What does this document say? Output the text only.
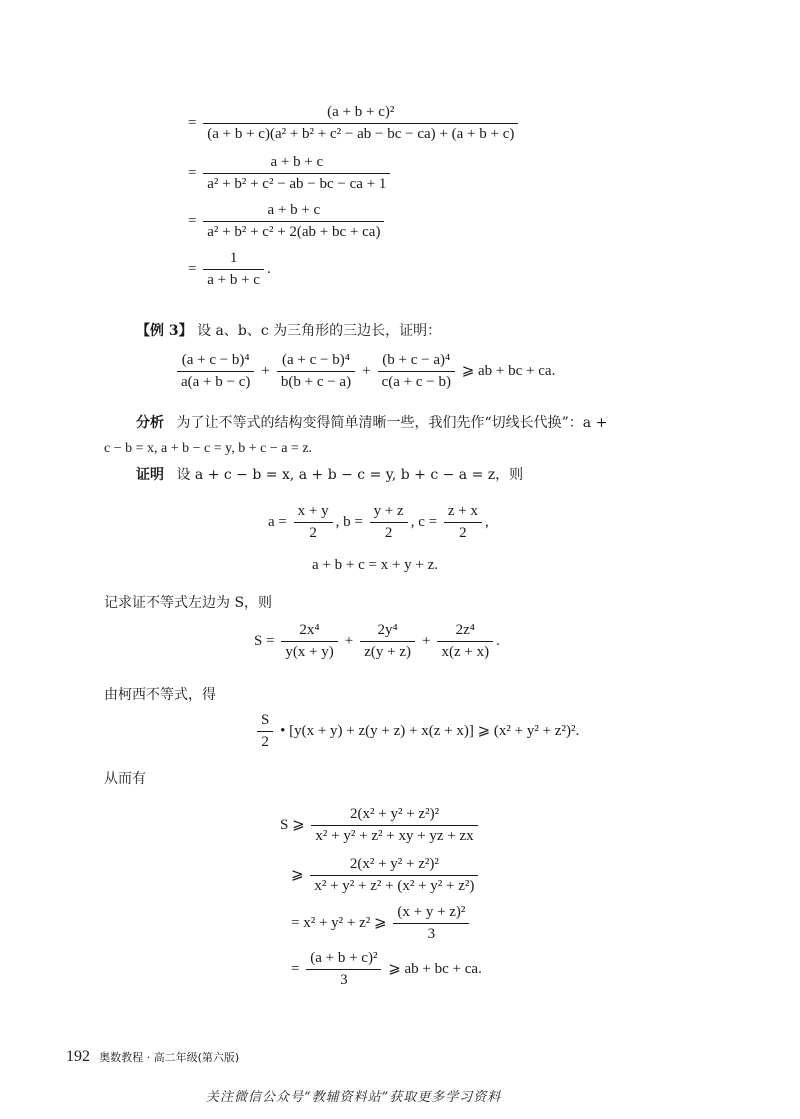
= $\frac{\text{(a + b + c)²}}{\text{(a + b + c)(a² + b² + c² − ab − bc − ca) + (a + b + c)}}$
= $\frac{a + b + c}{\text{a² + b² + c² − ab − bc − ca + 1}}$
= $\frac{a + b + c}{\text{a² + b² + c² + 2(ab + bc + ca)}}$
= $\frac{1}{a + b + c}$ .
【例 3】 设 a、b、c 为三角形的三边长，证明：
$\frac{\text{(a + c − b)⁴}}{a(a + b - c)} + \frac{\text{(a + c − b)⁴}}{b(b + c - a)} + \frac{\text{(b + c − a)⁴}}{c(a + c - b)}$ ⩾ ab + bc + ca.
分析 为了让不等式的结构变得简单清晰一些，我们先作“切线长代换”：a +
c − b = x, a + b − c = y, b + c − a = z.
证明 设 a + c − b = x, a + b − c = y, b + c − a = z，则
$a = \frac{x + y}{2}$ , $b = \frac{y + z}{2}$ , $c = \frac{z + x}{2}$ ,
a + b + c = x + y + z.
记求证不等式左边为 S，则
$S = \frac{\text{2x⁴}}{y(x + y)} + \frac{\text{2y⁴}}{z(y + z)} + \frac{\text{2z⁴}}{x(z + x)}$ .
由柯西不等式，得
$\frac{S}{2}$ • [y(x + y) + z(y + z) + x(z + x)] ⩾ (x² + y² + z²)².
从而有
S ⩾ $\frac{\text{2(x² + y² + z²)²}}{\text{x² + y² + z² + xy + yz + zx}}$
⩾ $\frac{\text{2(x² + y² + z²)²}}{\text{x² + y² + z² + (x² + y² + z²)}}$
= x² + y² + z² ⩾ $\frac{\text{(x + y + z)²}}{3}$
= $\frac{\text{(a + b + c)²}}{3}$ ⩾ ab + bc + ca.
192 奥数教程 · 高二年级(第六版)
关注微信公众号“教辅资料站”获取更多学习资料
